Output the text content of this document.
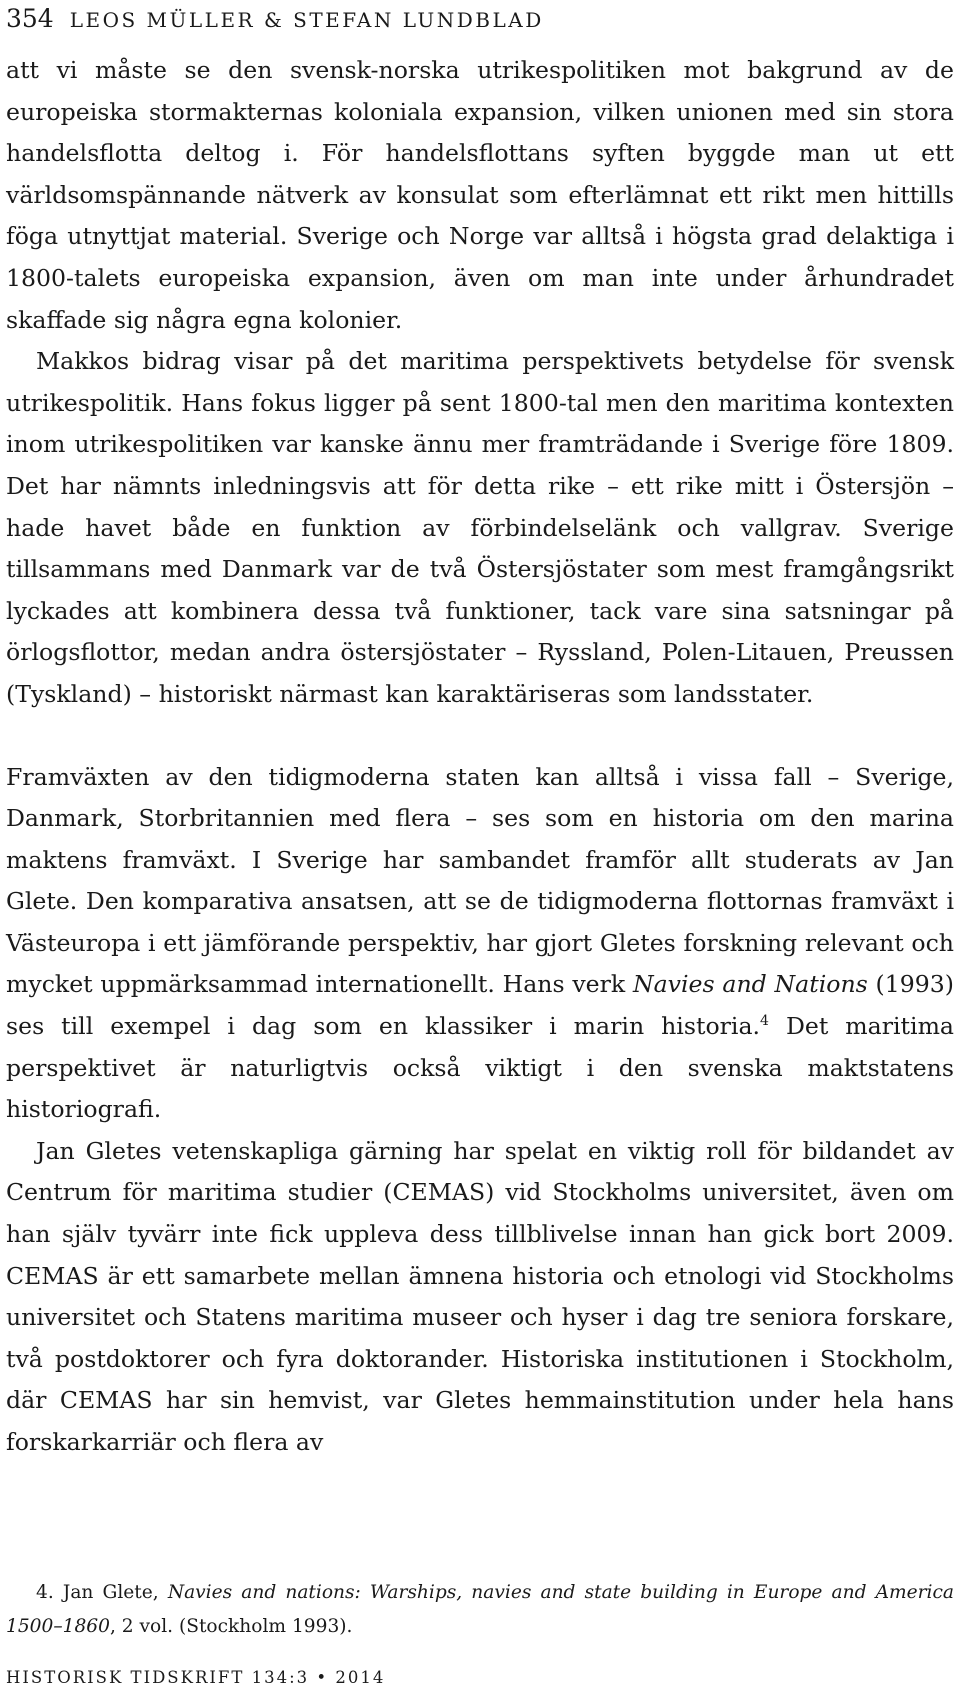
354 LEOS MÜLLER & STEFAN LUNDBLAD

att vi måste se den svensk-norska utrikespolitiken mot bakgrund av de europeiska stormakternas koloniala expansion, vilken unionen med sin stora handelsflotta deltog i. För handelsflottans syften byggde man ut ett världsomspännande nätverk av konsulat som efterlämnat ett rikt men hittills föga utnyttjat material. Sverige och Norge var alltså i högsta grad delaktiga i 1800-talets europeiska expansion, även om man inte under århundradet skaffade sig några egna kolonier.

Makkos bidrag visar på det maritima perspektivets betydelse för svensk utrikespolitik. Hans fokus ligger på sent 1800-tal men den maritima kontexten inom utrikespolitiken var kanske ännu mer framträdande i Sverige före 1809. Det har nämnts inledningsvis att för detta rike – ett rike mitt i Östersjön – hade havet både en funktion av förbindelselänk och vallgrav. Sverige tillsammans med Danmark var de två Östersjöstater som mest framgångsrikt lyckades att kombinera dessa två funktioner, tack vare sina satsningar på örlogsflottor, medan andra östersjöstater – Ryssland, Polen-Litauen, Preussen (Tyskland) – historiskt närmast kan karaktäriseras som landsstater.

Framväxten av den tidigmoderna staten kan alltså i vissa fall – Sverige, Danmark, Storbritannien med flera – ses som en historia om den marina maktens framväxt. I Sverige har sambandet framför allt studerats av Jan Glete. Den komparativa ansatsen, att se de tidigmoderna flottornas framväxt i Västeuropa i ett jämförande perspektiv, har gjort Gletes forskning relevant och mycket uppmärksammad internationellt. Hans verk Navies and Nations (1993) ses till exempel i dag som en klassiker i marin historia.$^4$ Det maritima perspektivet är naturligtvis också viktigt i den svenska maktstatens historiografi.

Jan Gletes vetenskapliga gärning har spelat en viktig roll för bildandet av Centrum för maritima studier (CEMAS) vid Stockholms universitet, även om han själv tyvärr inte fick uppleva dess tillblivelse innan han gick bort 2009. CEMAS är ett samarbete mellan ämnena historia och etnologi vid Stockholms universitet och Statens maritima museer och hyser i dag tre seniora forskare, två postdoktorer och fyra doktorander. Historiska institutionen i Stockholm, där CEMAS har sin hemvist, var Gletes hemmainstitution under hela hans forskarkarriär och flera av

4. Jan Glete, Navies and nations: Warships, navies and state building in Europe and America 1500–1860, 2 vol. (Stockholm 1993).

HISTORISK TIDSKRIFT 134:3 • 2014
